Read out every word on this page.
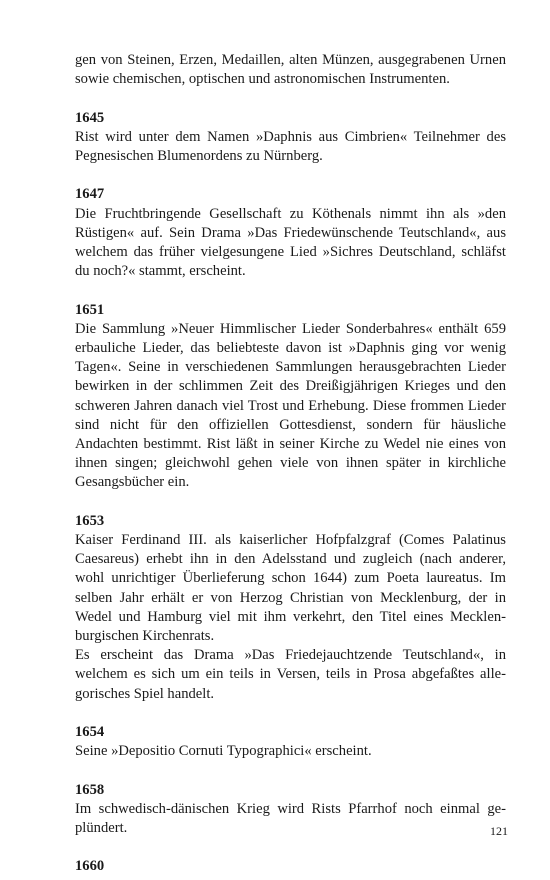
gen von Steinen, Erzen, Medaillen, alten Münzen, ausgegrabenen Urnen sowie chemischen, optischen und astronomischen Instrumenten.

1645

Rist wird unter dem Namen »Daphnis aus Cimbrien« Teilnehmer des Pegnesischen Blumenordens zu Nürnberg.

1647

Die Fruchtbringende Gesellschaft zu Köthenals nimmt ihn als »den Rüstigen« auf. Sein Drama »Das Friedewünschende Teutschland«, aus welchem das früher vielgesungene Lied »Sichres Deutschland, schläfst du noch?« stammt, erscheint.

1651

Die Sammlung »Neuer Himmlischer Lieder Sonderbahres« enthält 659 erbauliche Lieder, das beliebteste davon ist »Daphnis ging vor wenig Tagen«. Seine in verschiedenen Sammlungen herausgebrachten Lieder bewirken in der schlimmen Zeit des Dreißigjährigen Krieges und den schweren Jahren danach viel Trost und Erhebung. Diese frommen Lieder sind nicht für den offiziellen Gottesdienst, sondern für häusliche Andachten bestimmt. Rist läßt in seiner Kirche zu Wedel nie eines von ihnen singen; gleichwohl gehen viele von ihnen später in kirchliche Gesangsbücher ein.

1653

Kaiser Ferdinand III. als kaiserlicher Hofpfalzgraf (Comes Palatinus Caesareus) erhebt ihn in den Adelsstand und zugleich (nach anderer, wohl unrichtiger Überlieferung schon 1644) zum Poeta laureatus. Im selben Jahr erhält er von Herzog Christian von Mecklenburg, der in Wedel und Hamburg viel mit ihm verkehrt, den Titel eines Mecklenburgischen Kirchenrats.

Es erscheint das Drama »Das Friedejauchtzende Teutschland«, in welchem es sich um ein teils in Versen, teils in Prosa abgefaßtes allegorisches Spiel handelt.

1654

Seine »Depositio Cornuti Typographici« erscheint.

1658

Im schwedisch-dänischen Krieg wird Rists Pfarrhof noch einmal geplündert.

1660

121
